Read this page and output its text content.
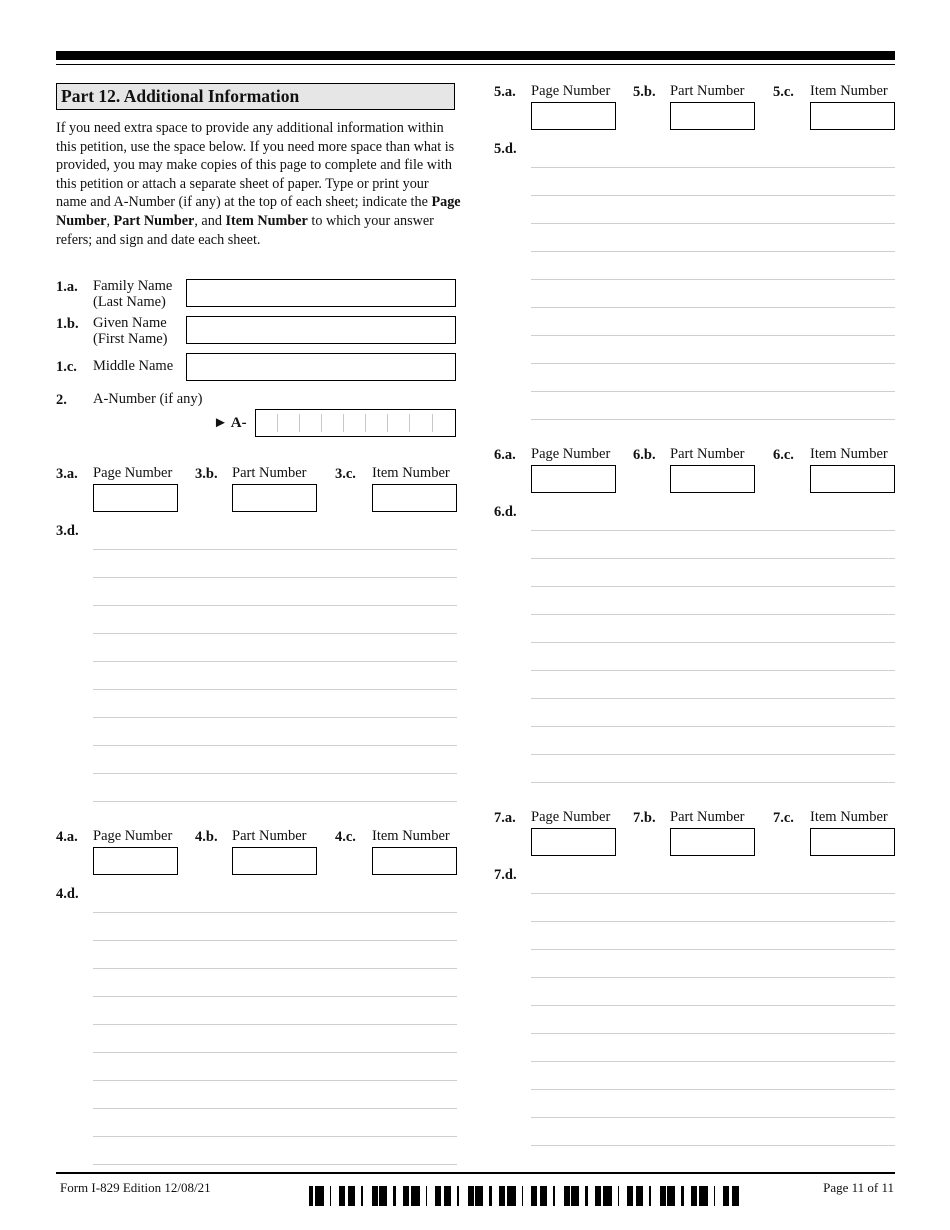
Part 12. Additional Information
If you need extra space to provide any additional information within this petition, use the space below. If you need more space than what is provided, you may make copies of this page to complete and file with this petition or attach a separate sheet of paper. Type or print your name and A-Number (if any) at the top of each sheet; indicate the Page Number, Part Number, and Item Number to which your answer refers; and sign and date each sheet.
1.a. Family Name
(Last Name)
1.b. Given Name
(First Name)
1.c. Middle Name
2. A-Number (if any)
► A-
3.a. Page Number 3.b. Part Number 3.c. Item Number
3.d.
4.a. Page Number 4.b. Part Number 4.c. Item Number
4.d.
5.a. Page Number 5.b. Part Number 5.c. Item Number
5.d.
6.a. Page Number 6.b. Part Number 6.c. Item Number
6.d.
7.a. Page Number 7.b. Part Number 7.c. Item Number
7.d.
Form I-829 Edition 12/08/21	Page 11 of 11
